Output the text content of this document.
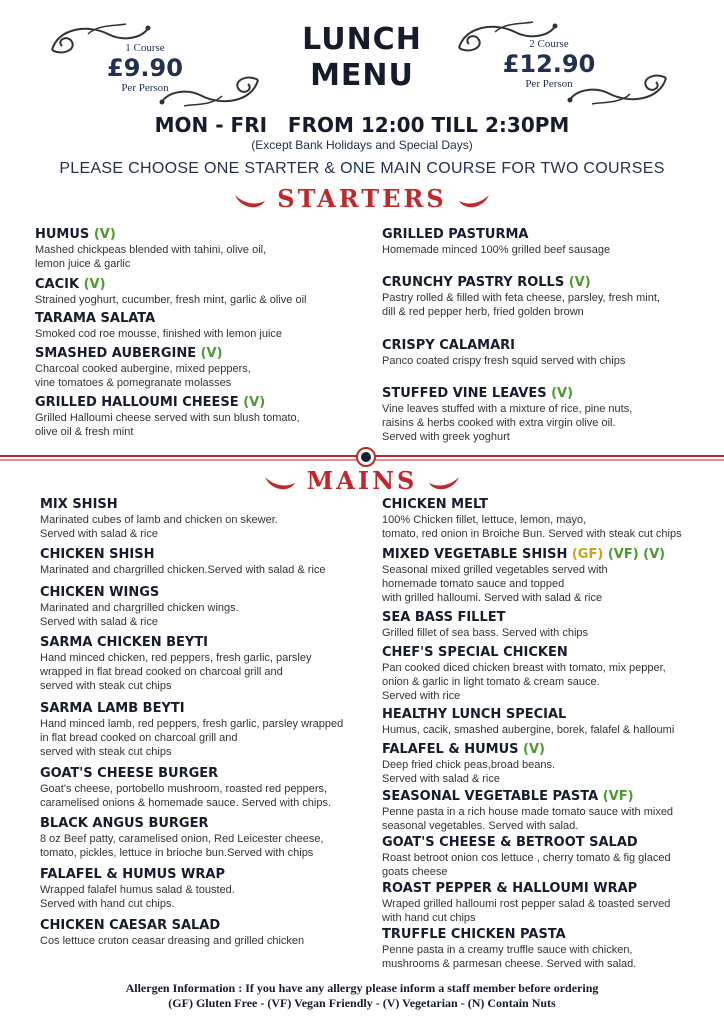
1 Course
£9.90
Per Person
2 Course
£12.90
Per Person
LUNCH
MENU
MON - FRI   FROM 12:00 TILL 2:30PM
(Except Bank Holidays and Special Days)
PLEASE CHOOSE ONE STARTER & ONE MAIN COURSE FOR TWO COURSES
STARTERS
HUMUS (V)
Mashed chickpeas blended with tahini, olive oil,
lemon juice & garlic
CACIK (V)
Strained yoghurt, cucumber, fresh mint, garlic & olive oil
TARAMA SALATA
Smoked cod roe mousse, finished with lemon juice
SMASHED AUBERGINE (V)
Charcoal cooked aubergine, mixed peppers,
vine tomatoes & pomegranate molasses
GRILLED HALLOUMI CHEESE (V)
Grilled Halloumi cheese served with sun blush tomato,
olive oil & fresh mint
GRILLED PASTURMA
Homemade minced 100% grilled beef sausage
CRUNCHY PASTRY ROLLS (V)
Pastry rolled & filled with feta cheese, parsley, fresh mint,
dill & red pepper herb, fried golden brown
CRISPY CALAMARI
Panco coated crispy fresh squid served with chips
STUFFED VINE LEAVES (V)
Vine leaves stuffed with a mixture of rice, pine nuts,
raisins & herbs cooked with extra virgin olive oil.
Served with greek yoghurt
MAINS
MIX SHISH
Marinated cubes of lamb and chicken on skewer.
Served with salad & rice
CHICKEN SHISH
Marinated and chargrilled chicken.Served with salad & rice
CHICKEN WINGS
Marinated and chargrilled chicken wings.
Served with salad & rice
SARMA CHICKEN BEYTI
Hand minced chicken, red peppers, fresh garlic, parsley
wrapped in flat bread cooked on charcoal grill and
served with steak cut chips
SARMA LAMB BEYTI
Hand minced lamb, red peppers, fresh garlic, parsley wrapped
in flat bread cooked on charcoal grill and
served with steak cut chips
GOAT'S CHEESE BURGER
Goat's cheese, portobello mushroom, roasted red peppers,
caramelised onions & homemade sauce. Served with chips.
BLACK ANGUS BURGER
8 oz Beef patty, caramelised onion, Red Leicester cheese,
tomato, pickles, lettuce in brioche bun.Served with chips
FALAFEL & HUMUS WRAP
Wrapped falafel humus salad & tousted.
Served with hand cut chips.
CHICKEN CAESAR SALAD
Cos lettuce cruton ceasar dreasing and grilled chicken
CHICKEN MELT
100% Chicken fillet, lettuce, lemon, mayo,
tomato, red onion in Broiche Bun. Served with steak cut chips
MIXED VEGETABLE SHISH (GF) (VF) (V)
Seasonal mixed grilled vegetables served with
homemade tomato sauce and topped
with grilled halloumi. Served with salad & rice
SEA BASS FILLET
Grilled fillet of sea bass. Served with chips
CHEF'S SPECIAL CHICKEN
Pan cooked diced chicken breast with tomato, mix pepper,
onion & garlic in light tomato & cream sauce.
Served with rice
HEALTHY LUNCH SPECIAL
Humus, cacik, smashed aubergine, borek, falafel & halloumi
FALAFEL & HUMUS (V)
Deep fried chick peas,broad beans.
Served with salad & rice
SEASONAL VEGETABLE PASTA (VF)
Penne pasta in a rich house made tomato sauce with mixed
seasonal vegetables. Served with salad.
GOAT'S CHEESE & BETROOT SALAD
Roast betroot onion cos lettuce , cherry tomato & fig glaced
goats cheese
ROAST PEPPER & HALLOUMI WRAP
Wraped grilled halloumi rost pepper salad & toasted served
with hand cut chips
TRUFFLE CHICKEN PASTA
Penne pasta in a creamy truffle sauce with chicken,
mushrooms & parmesan cheese. Served with salad.
Allergen Information : If you have any allergy please inform a staff member before ordering
(GF) Gluten Free - (VF) Vegan Friendly - (V) Vegetarian - (N) Contain Nuts
